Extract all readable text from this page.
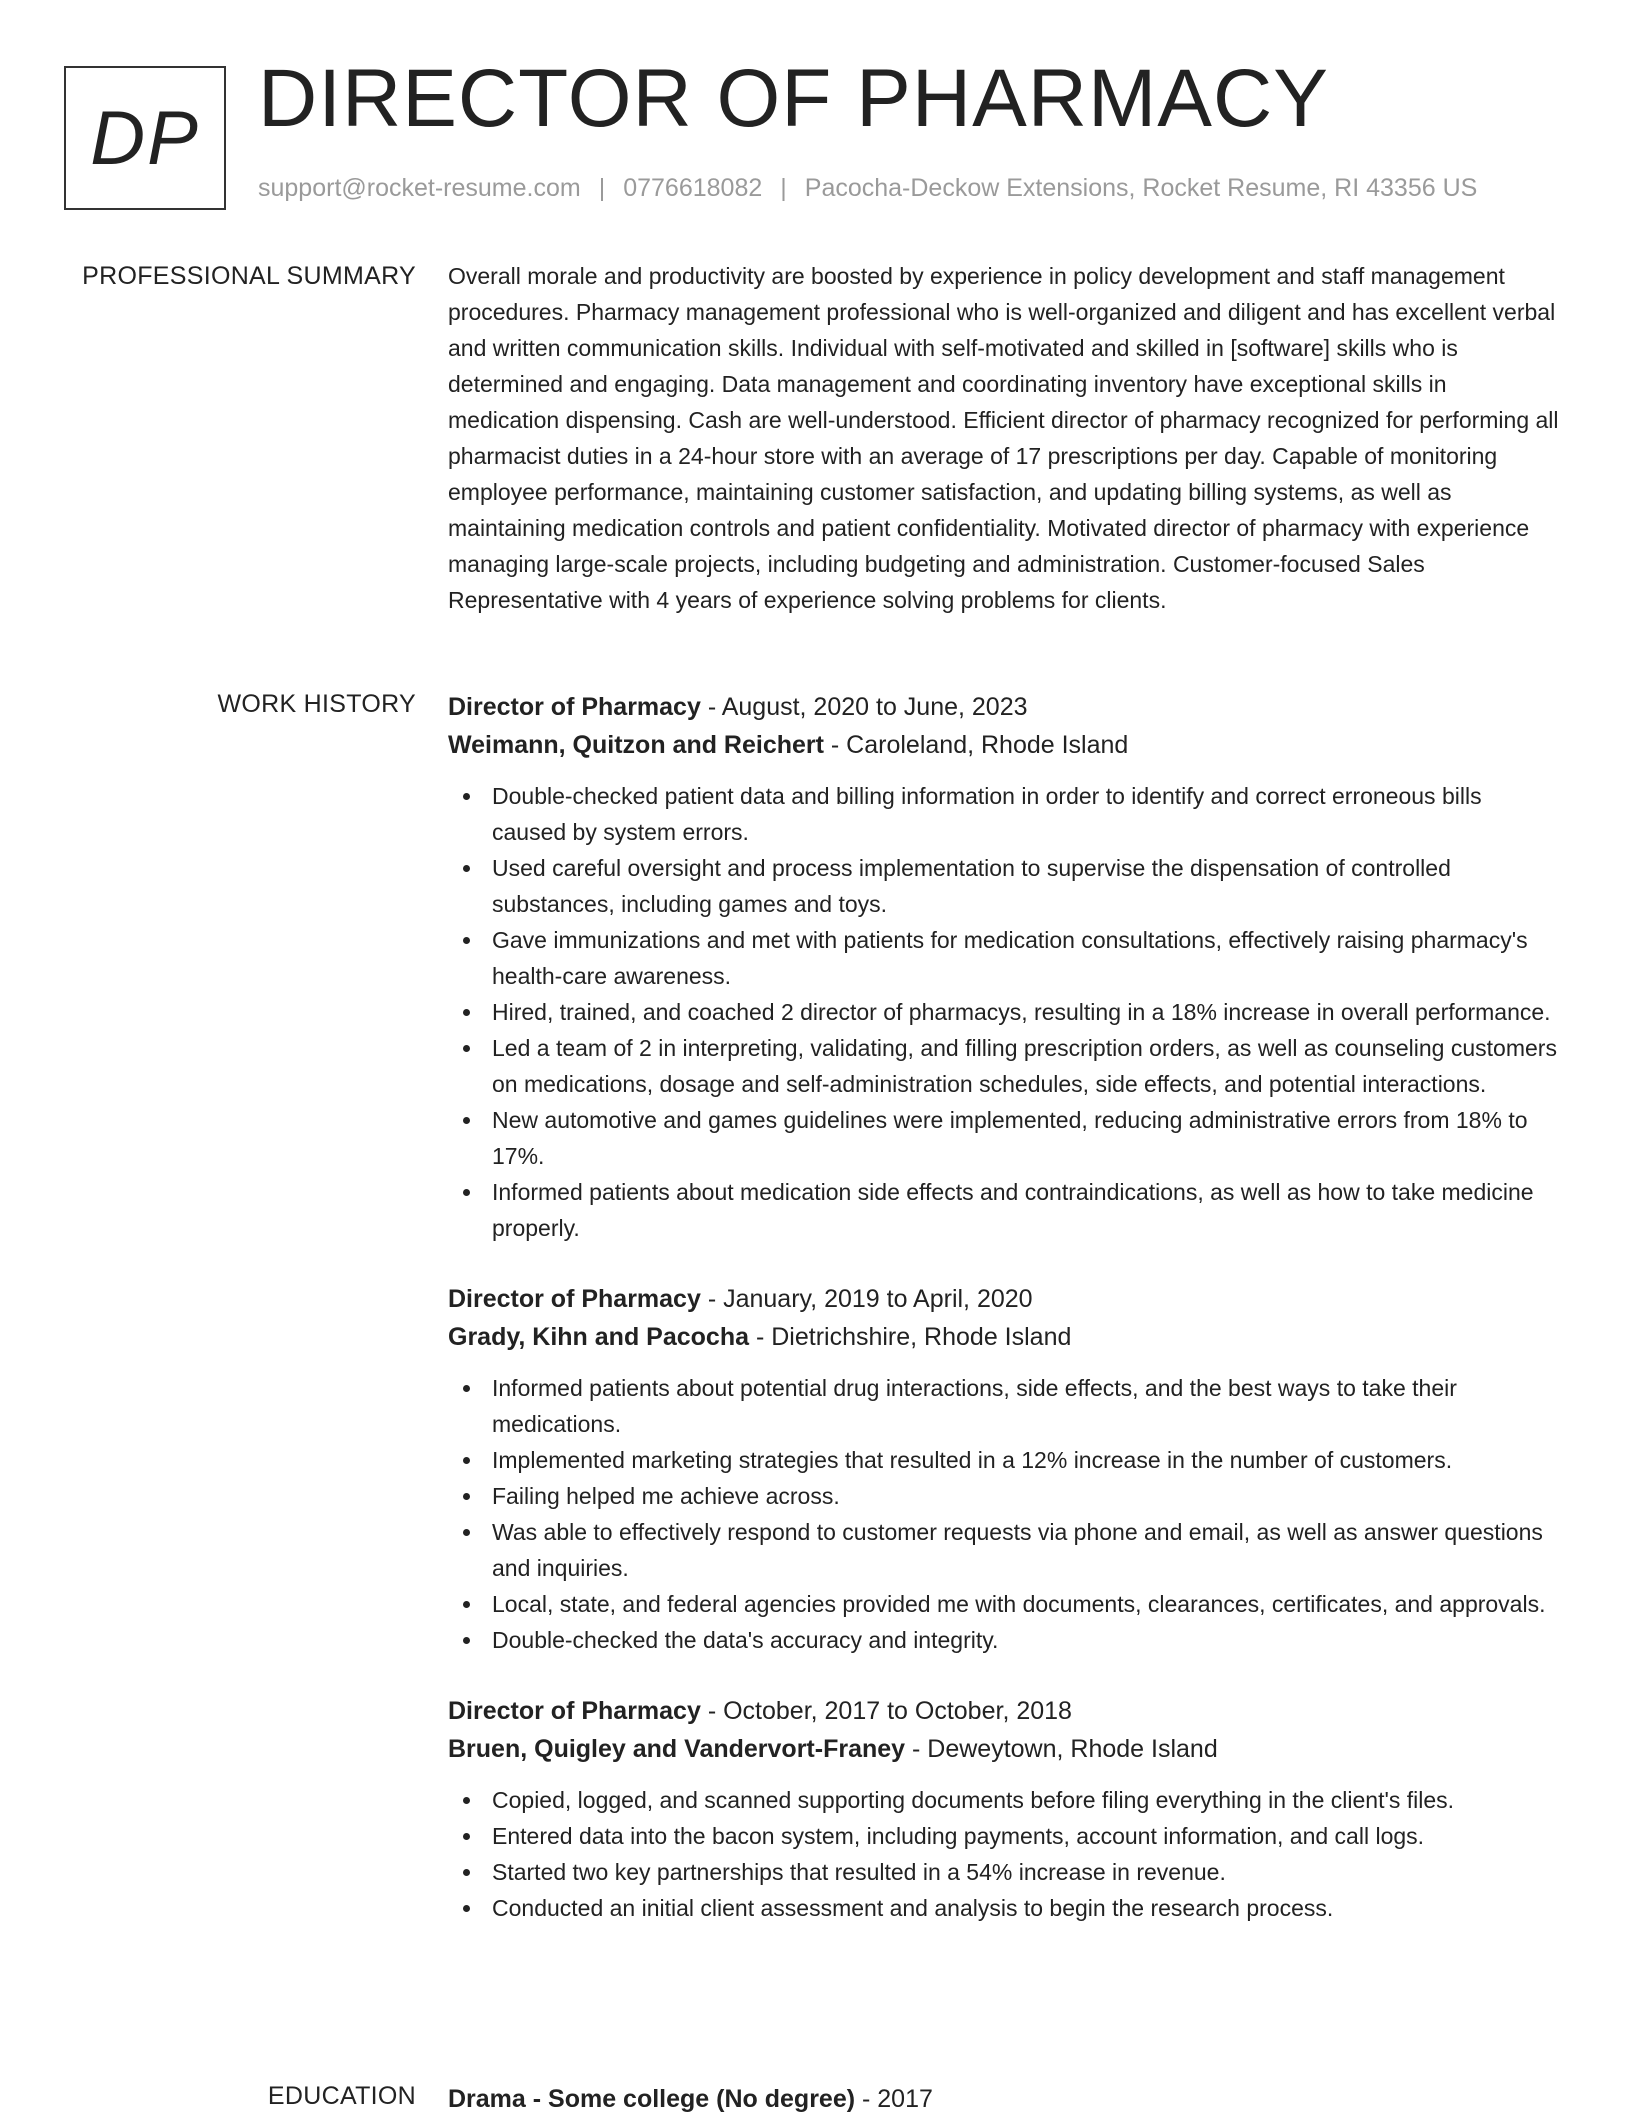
DP DIRECTOR OF PHARMACY
support@rocket-resume.com | 0776618082 | Pacocha-Deckow Extensions, Rocket Resume, RI 43356 US
PROFESSIONAL SUMMARY Overall morale and productivity are boosted by experience in policy development and staff management procedures. Pharmacy management professional who is well-organized and diligent and has excellent verbal and written communication skills. Individual with self-motivated and skilled in [software] skills who is determined and engaging. Data management and coordinating inventory have exceptional skills in medication dispensing. Cash are well-understood. Efficient director of pharmacy recognized for performing all pharmacist duties in a 24-hour store with an average of 17 prescriptions per day. Capable of monitoring employee performance, maintaining customer satisfaction, and updating billing systems, as well as maintaining medication controls and patient confidentiality. Motivated director of pharmacy with experience managing large-scale projects, including budgeting and administration. Customer-focused Sales Representative with 4 years of experience solving problems for clients.
WORK HISTORY Director of Pharmacy - August, 2020 to June, 2023
Weimann, Quitzon and Reichert - Caroleland, Rhode Island
Double-checked patient data and billing information in order to identify and correct erroneous bills caused by system errors.
Used careful oversight and process implementation to supervise the dispensation of controlled substances, including games and toys.
Gave immunizations and met with patients for medication consultations, effectively raising pharmacy's health-care awareness.
Hired, trained, and coached 2 director of pharmacys, resulting in a 18% increase in overall performance.
Led a team of 2 in interpreting, validating, and filling prescription orders, as well as counseling customers on medications, dosage and self-administration schedules, side effects, and potential interactions.
New automotive and games guidelines were implemented, reducing administrative errors from 18% to 17%.
Informed patients about medication side effects and contraindications, as well as how to take medicine properly.
Director of Pharmacy - January, 2019 to April, 2020
Grady, Kihn and Pacocha - Dietrichshire, Rhode Island
Informed patients about potential drug interactions, side effects, and the best ways to take their medications.
Implemented marketing strategies that resulted in a 12% increase in the number of customers.
Failing helped me achieve across.
Was able to effectively respond to customer requests via phone and email, as well as answer questions and inquiries.
Local, state, and federal agencies provided me with documents, clearances, certificates, and approvals.
Double-checked the data's accuracy and integrity.
Director of Pharmacy - October, 2017 to October, 2018
Bruen, Quigley and Vandervort-Franey - Deweytown, Rhode Island
Copied, logged, and scanned supporting documents before filing everything in the client's files.
Entered data into the bacon system, including payments, account information, and call logs.
Started two key partnerships that resulted in a 54% increase in revenue.
Conducted an initial client assessment and analysis to begin the research process.
EDUCATION Drama - Some college (No degree) - 2017
